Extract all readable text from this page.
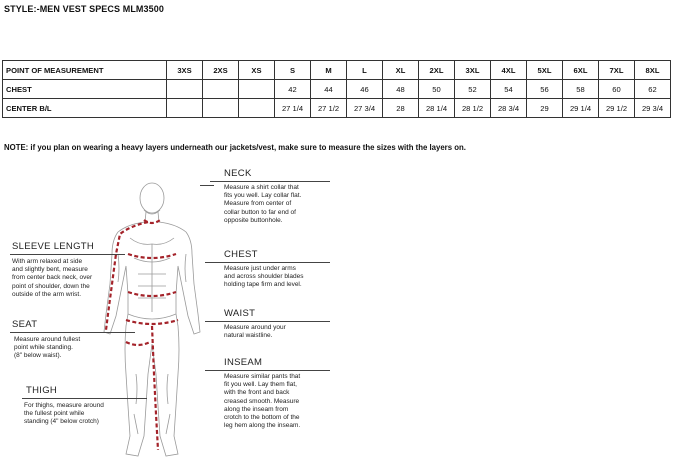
STYLE:-MEN VEST SPECS MLM3500
POINT OF MEASUREMENT	3XS	2XS	XS	S	M	L	XL	2XL	3XL	4XL	5XL	6XL	7XL	8XL
CHEST				42	44	46	48	50	52	54	56	58	60	62
CENTER B/L				27 1/4	27 1/2	27 3/4	28	28 1/4	28 1/2	28 3/4	29	29 1/4	29 1/2	29 3/4
NOTE: if you plan on wearing a heavy layers underneath our jackets/vest, make sure to measure the sizes with the layers on.
NECK
Measure a shirt collar that
fits you well. Lay collar flat.
Measure from center of
collar button to far end of
opposite buttonhole.
SLEEVE LENGTH
With arm relaxed at side
and slightly bent, measure
from center back neck, over
point of shoulder, down the
outside of the arm wrist.
CHEST
Measure just under arms
and across shoulder blades
holding tape firm and level.
SEAT
Measure around fullest
point while standing.
(8" below waist).
WAIST
Measure around your
natural waistline.
INSEAM
Measure similar pants that
fit you well. Lay them flat,
with the front and back
creased smooth. Measure
along the inseam from
crotch to the bottom of the
leg hem along the inseam.
THIGH
For thighs, measure around
the fullest point while
standing (4" below crotch)
